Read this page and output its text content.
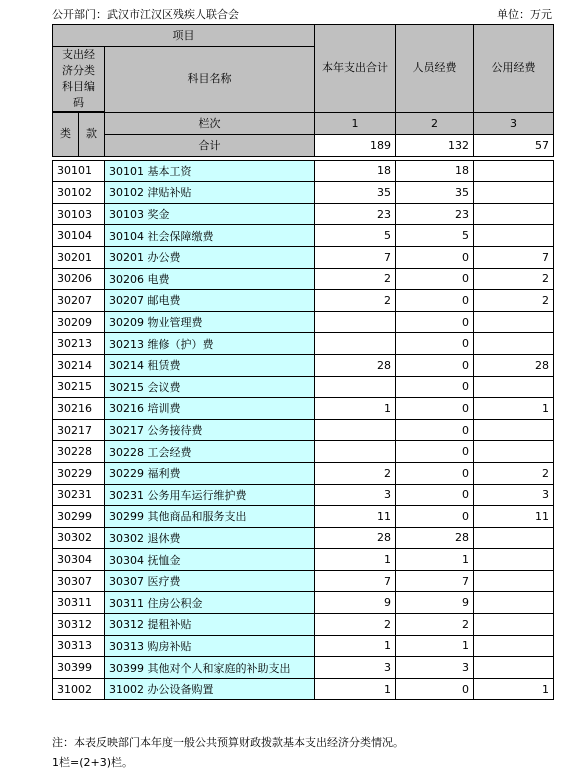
公开部门：武汉市江汉区残疾人联合会	单位：万元
项目			本年支出合计	人员经费	公用经费
支出经济分类科目编码		科目名称			

类	款	栏次	1	2	3
		合计	189	132	57

30101		30101 基本工资	18	18	
30102		30102 津贴补贴	35	35	
30103		30103 奖金	23	23	
30104		30104 社会保障缴费	5	5	
30201		30201 办公费	7	0	7
30206		30206 电费	2	0	2
30207		30207 邮电费	2	0	2
30209		30209 物业管理费		0	
30213		30213 维修（护）费		0	
30214		30214 租赁费	28	0	28
30215		30215 会议费		0	
30216		30216 培训费	1	0	1
30217		30217 公务接待费		0	
30228		30228 工会经费		0	
30229		30229 福利费	2	0	2
30231		30231 公务用车运行维护费	3	0	3
30299		30299 其他商品和服务支出	11	0	11
30302		30302 退休费	28	28	
30304		30304 抚恤金	1	1	
30307		30307 医疗费	7	7	
30311		30311 住房公积金	9	9	
30312		30312 提租补贴	2	2	
30313		30313 购房补贴	1	1	
30399		30399 其他对个人和家庭的补助支出	3	3	
31002		31002 办公设备购置	1	0	1
注：本表反映部门本年度一般公共预算财政拨款基本支出经济分类情况。
1栏=(2+3)栏。
